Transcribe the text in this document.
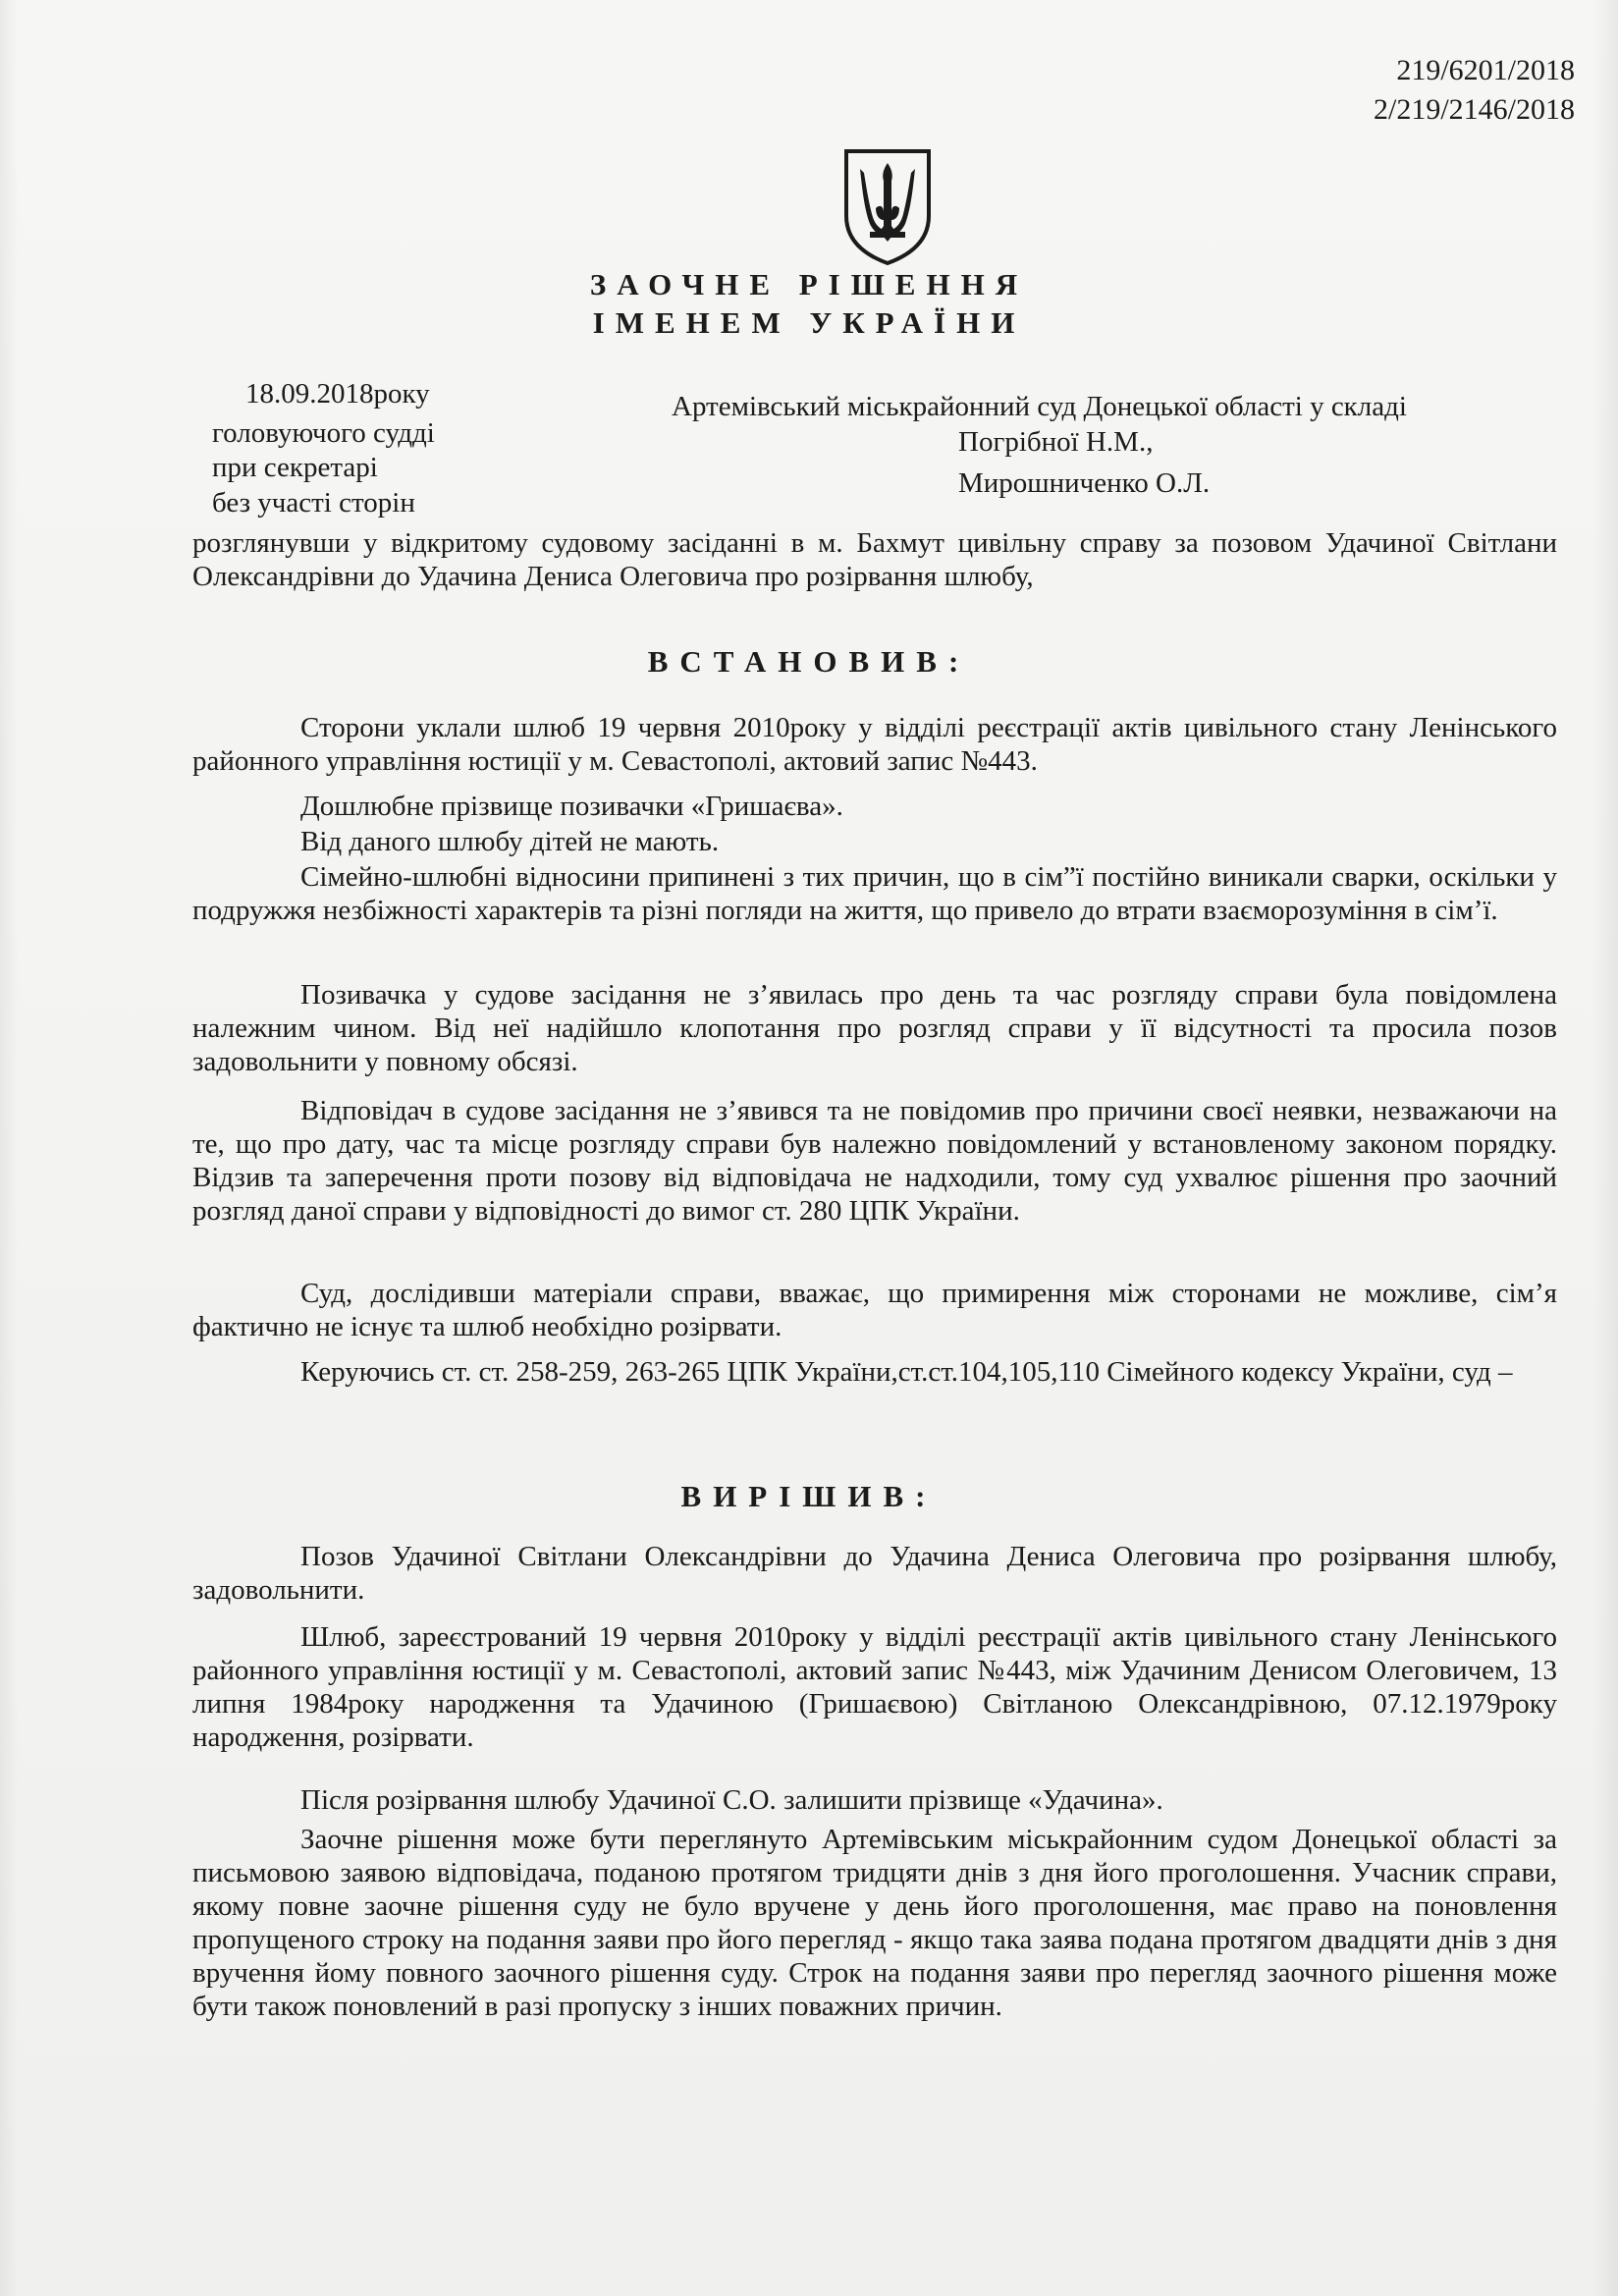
219/6201/2018
2/219/2146/2018
ЗАОЧНЕ РІШЕННЯ
ІМЕНЕМ УКРАЇНИ
18.09.2018року	Артемівський міськрайонний суд Донецької області у складі
головуючого судді	Погрібної Н.М.,
при секретарі	Мирошниченко О.Л.
без участі сторін
розглянувши у відкритому судовому засіданні в м. Бахмут цивільну справу за позовом Удачиної Світлани Олександрівни до Удачина Дениса Олеговича про розірвання шлюбу,
ВСТАНОВИВ:
Сторони уклали шлюб 19 червня 2010року у відділі реєстрації актів цивільного стану Ленінського районного управління юстиції у м. Севастополі, актовий запис №443.
Дошлюбне прізвище позивачки «Гришаєва».
Від даного шлюбу дітей не мають.
Сімейно-шлюбні відносини припинені з тих причин, що в сім”ї постійно виникали сварки, оскільки у подружжя незбіжності характерів та різні погляди на життя, що привело до втрати взаєморозуміння в сім’ї.
Позивачка у судове засідання не з’явилась про день та час розгляду справи була повідомлена належним чином. Від неї надійшло клопотання про розгляд справи у її відсутності та просила позов задовольнити у повному обсязі.
Відповідач в судове засідання не з’явився та не повідомив про причини своєї неявки, незважаючи на те, що про дату, час та місце розгляду справи був належно повідомлений у встановленому законом порядку. Відзив та заперечення проти позову від відповідача не надходили, тому суд ухвалює рішення про заочний розгляд даної справи у відповідності до вимог ст. 280 ЦПК України.
Суд, дослідивши матеріали справи, вважає, що примирення між сторонами не можливе, сім’я фактично не існує та шлюб необхідно розірвати.
Керуючись ст. ст. 258-259, 263-265 ЦПК України,ст.ст.104,105,110 Сімейного кодексу України, суд –
ВИРІШИВ:
Позов Удачиної Світлани Олександрівни до Удачина Дениса Олеговича про розірвання шлюбу, задовольнити.
Шлюб, зареєстрований 19 червня 2010року у відділі реєстрації актів цивільного стану Ленінського районного управління юстиції у м. Севастополі, актовий запис №443, між Удачиним Денисом Олеговичем, 13 липня 1984року народження та Удачиною (Гришаєвою) Світланою Олександрівною, 07.12.1979року народження, розірвати.
Після розірвання шлюбу Удачиної С.О. залишити прізвище «Удачина».
Заочне рішення може бути переглянуто Артемівським міськрайонним судом Донецької області за письмовою заявою відповідача, поданою протягом тридцяти днів з дня його проголошення. Учасник справи, якому повне заочне рішення суду не було вручене у день його проголошення, має право на поновлення пропущеного строку на подання заяви про його перегляд - якщо така заява подана протягом двадцяти днів з дня вручення йому повного заочного рішення суду. Строк на подання заяви про перегляд заочного рішення може бути також поновлений в разі пропуску з інших поважних причин.
